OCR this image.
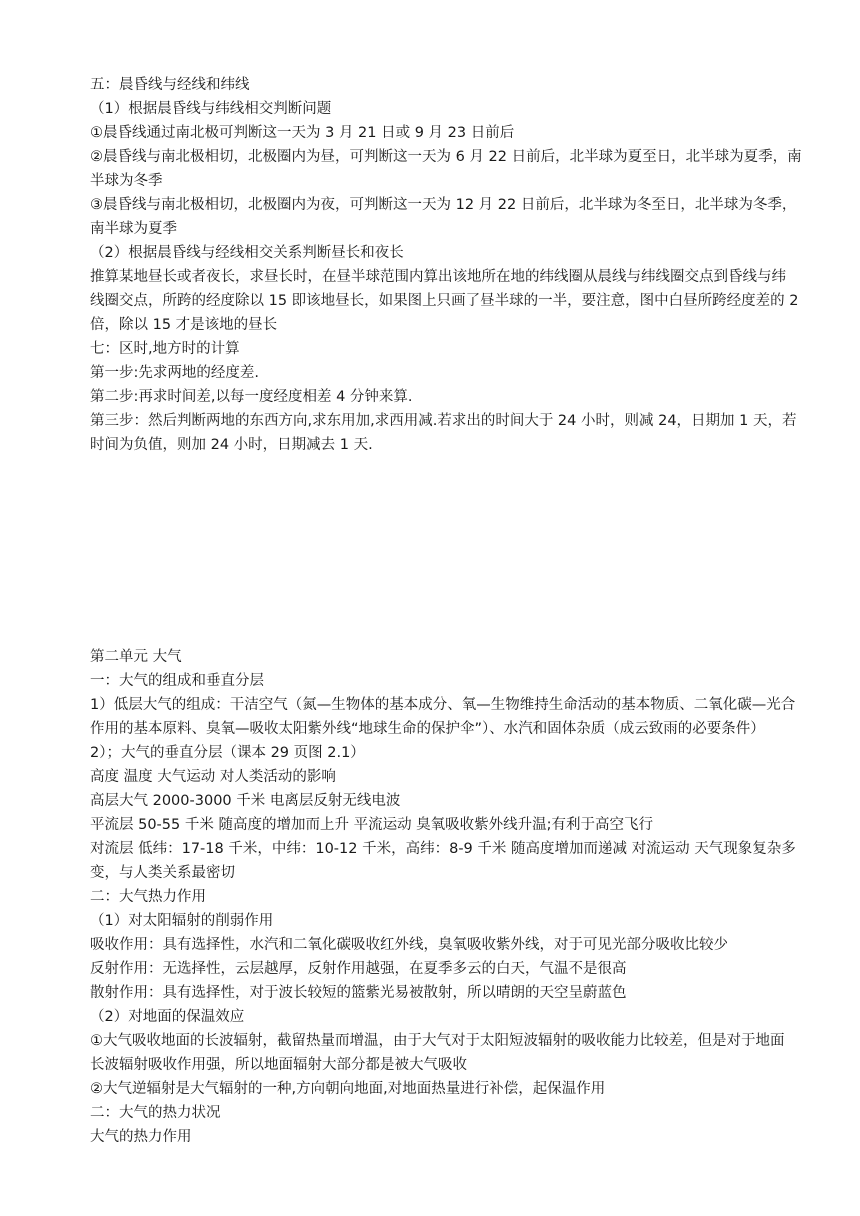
五：晨昏线与经线和纬线
（1）根据晨昏线与纬线相交判断问题
①晨昏线通过南北极可判断这一天为 3 月 21 日或 9 月 23 日前后
②晨昏线与南北极相切，北极圈内为昼，可判断这一天为 6 月 22 日前后，北半球为夏至日，北半球为夏季，南
半球为冬季
③晨昏线与南北极相切，北极圈内为夜，可判断这一天为 12 月 22 日前后，北半球为冬至日，北半球为冬季，
南半球为夏季
（2）根据晨昏线与经线相交关系判断昼长和夜长
推算某地昼长或者夜长，求昼长时，在昼半球范围内算出该地所在地的纬线圈从晨线与纬线圈交点到昏线与纬
线圈交点，所跨的经度除以 15 即该地昼长，如果图上只画了昼半球的一半，要注意，图中白昼所跨经度差的 2
倍，除以 15 才是该地的昼长
七：区时,地方时的计算
第一步:先求两地的经度差.
第二步:再求时间差,以每一度经度相差 4 分钟来算.
第三步：然后判断两地的东西方向,求东用加,求西用减.若求出的时间大于 24 小时，则减 24，日期加 1 天，若
时间为负值，则加 24 小时，日期减去 1 天.
第二单元 大气
一：大气的组成和垂直分层
1）低层大气的组成：干洁空气（氮—生物体的基本成分、氧—生物维持生命活动的基本物质、二氧化碳—光合
作用的基本原料、臭氧—吸收太阳紫外线“地球生命的保护伞”）、水汽和固体杂质（成云致雨的必要条件）
2）；大气的垂直分层（课本 29 页图 2.1）
高度 温度 大气运动 对人类活动的影响
高层大气 2000-3000 千米 电离层反射无线电波
平流层 50-55 千米 随高度的增加而上升 平流运动 臭氧吸收紫外线升温;有利于高空飞行
对流层 低纬：17-18 千米，中纬：10-12 千米，高纬：8-9 千米 随高度增加而递减 对流运动 天气现象复杂多
变，与人类关系最密切
二：大气热力作用
（1）对太阳辐射的削弱作用
吸收作用：具有选择性，水汽和二氧化碳吸收红外线，臭氧吸收紫外线，对于可见光部分吸收比较少
反射作用：无选择性，云层越厚，反射作用越强，在夏季多云的白天，气温不是很高
散射作用：具有选择性，对于波长较短的篮紫光易被散射，所以晴朗的天空呈蔚蓝色
（2）对地面的保温效应
①大气吸收地面的长波辐射，截留热量而增温，由于大气对于太阳短波辐射的吸收能力比较差，但是对于地面
长波辐射吸收作用强，所以地面辐射大部分都是被大气吸收
②大气逆辐射是大气辐射的一种,方向朝向地面,对地面热量进行补偿，起保温作用
二：大气的热力状况
大气的热力作用
